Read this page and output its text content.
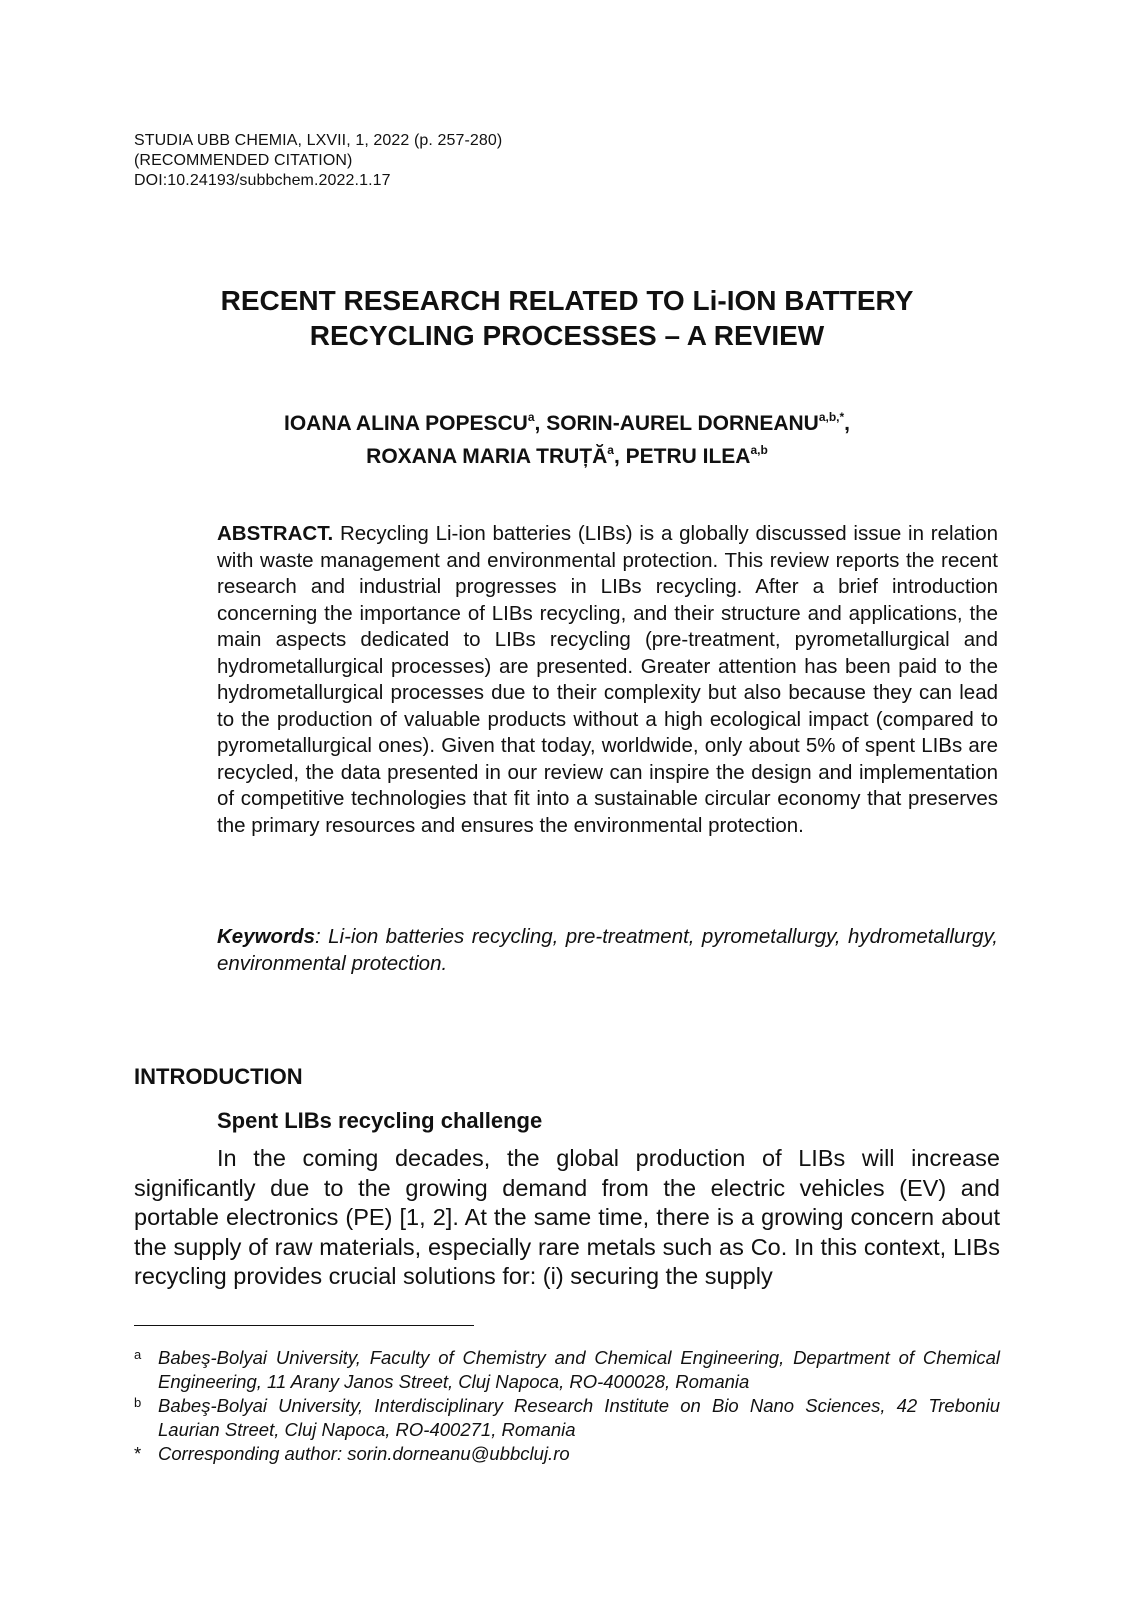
STUDIA UBB CHEMIA, LXVII, 1, 2022 (p. 257-280)
(RECOMMENDED CITATION)
DOI:10.24193/subbchem.2022.1.17
RECENT RESEARCH RELATED TO Li-ION BATTERY
RECYCLING PROCESSES – A REVIEW
IOANA ALINA POPESCU$^a$, SORIN-AUREL $DORNEANU^{a,b,*}$,
ROXANA MARIA TRUȚĂ$^a$, PETRU ILEA$^{a,b}$
ABSTRACT. Recycling Li-ion batteries (LIBs) is a globally discussed issue in relation with waste management and environmental protection. This review reports the recent research and industrial progresses in LIBs recycling. After a brief introduction concerning the importance of LIBs recycling, and their structure and applications, the main aspects dedicated to LIBs recycling (pre-treatment, pyrometallurgical and hydrometallurgical processes) are presented. Greater attention has been paid to the hydrometallurgical processes due to their complexity but also because they can lead to the production of valuable products without a high ecological impact (compared to pyrometallurgical ones). Given that today, worldwide, only about 5% of spent LIBs are recycled, the data presented in our review can inspire the design and implementation of competitive technologies that fit into a sustainable circular economy that preserves the primary resources and ensures the environmental protection.
Keywords: Li-ion batteries recycling, pre-treatment, pyrometallurgy, hydrometallurgy, environmental protection.
INTRODUCTION
Spent LIBs recycling challenge
In the coming decades, the global production of LIBs will increase significantly due to the growing demand from the electric vehicles (EV) and portable electronics (PE) [1, 2]. At the same time, there is a growing concern about the supply of raw materials, especially rare metals such as Co. In this context, LIBs recycling provides crucial solutions for: (i) securing the supply
a Babeş-Bolyai University, Faculty of Chemistry and Chemical Engineering, Department of Chemical Engineering, 11 Arany Janos Street, Cluj Napoca, RO-400028, Romania
b Babeş-Bolyai University, Interdisciplinary Research Institute on Bio Nano Sciences, 42 Treboniu Laurian Street, Cluj Napoca, RO-400271, Romania
* Corresponding author: sorin.dorneanu@ubbcluj.ro
